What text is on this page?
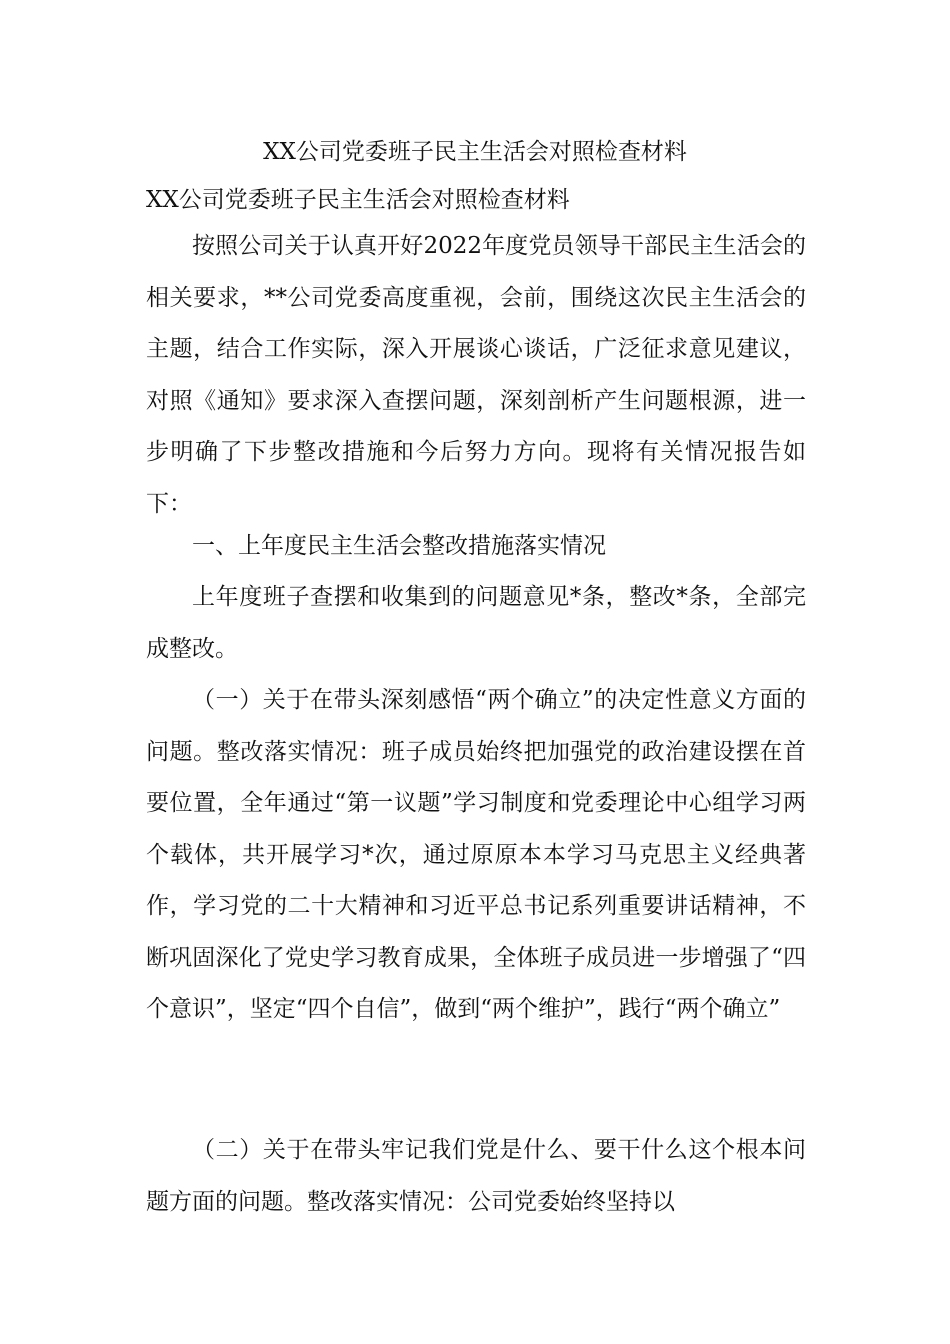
XX公司党委班子民主生活会对照检查材料
XX公司党委班子民主生活会对照检查材料

按照公司关于认真开好2022年度党员领导干部民主生活会的相关要求，**公司党委高度重视，会前，围绕这次民主生活会的主题，结合工作实际，深入开展谈心谈话，广泛征求意见建议，对照《通知》要求深入查摆问题，深刻剖析产生问题根源，进一步明确了下步整改措施和今后努力方向。现将有关情况报告如下：

一、上年度民主生活会整改措施落实情况

上年度班子查摆和收集到的问题意见*条，整改*条，全部完成整改。

（一）关于在带头深刻感悟“两个确立”的决定性意义方面的问题。整改落实情况：班子成员始终把加强党的政治建设摆在首要位置，全年通过“第一议题”学习制度和党委理论中心组学习两个载体，共开展学习*次，通过原原本本学习马克思主义经典著作，学习党的二十大精神和习近平总书记系列重要讲话精神，不断巩固深化了党史学习教育成果，全体班子成员进一步增强了“四个意识”，坚定“四个自信”，做到“两个维护”，践行“两个确立”

（二）关于在带头牢记我们党是什么、要干什么这个根本问题方面的问题。整改落实情况：公司党委始终坚持以
